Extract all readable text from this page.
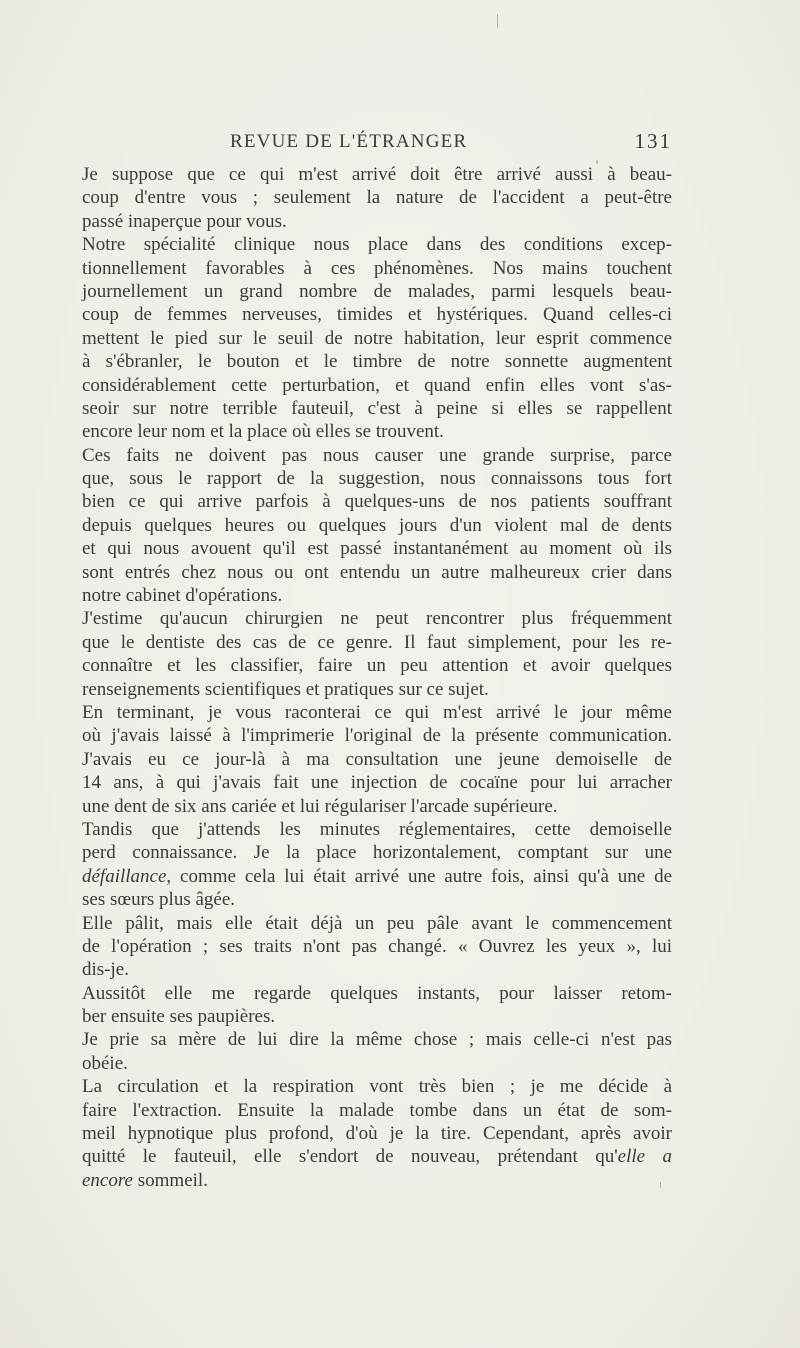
REVUE DE L'ÉTRANGER	131

Je suppose que ce qui m'est arrivé doit être arrivé aussi à beau-
coup d'entre vous ; seulement la nature de l'accident a peut-être
passé inaperçue pour vous.

Notre spécialité clinique nous place dans des conditions excep-
tionnellement favorables à ces phénomènes. Nos mains touchent
journellement un grand nombre de malades, parmi lesquels beau-
coup de femmes nerveuses, timides et hystériques. Quand celles-ci
mettent le pied sur le seuil de notre habitation, leur esprit commence
à s'ébranler, le bouton et le timbre de notre sonnette augmentent
considérablement cette perturbation, et quand enfin elles vont s'as-
seoir sur notre terrible fauteuil, c'est à peine si elles se rappellent
encore leur nom et la place où elles se trouvent.

Ces faits ne doivent pas nous causer une grande surprise, parce
que, sous le rapport de la suggestion, nous connaissons tous fort
bien ce qui arrive parfois à quelques-uns de nos patients souffrant
depuis quelques heures ou quelques jours d'un violent mal de dents
et qui nous avouent qu'il est passé instantanément au moment où ils
sont entrés chez nous ou ont entendu un autre malheureux crier dans
notre cabinet d'opérations.

J'estime qu'aucun chirurgien ne peut rencontrer plus fréquemment
que le dentiste des cas de ce genre. Il faut simplement, pour les re-
connaître et les classifier, faire un peu attention et avoir quelques
renseignements scientifiques et pratiques sur ce sujet.

En terminant, je vous raconterai ce qui m'est arrivé le jour même
où j'avais laissé à l'imprimerie l'original de la présente communication.

J'avais eu ce jour-là à ma consultation une jeune demoiselle de
14 ans, à qui j'avais fait une injection de cocaïne pour lui arracher
une dent de six ans cariée et lui régulariser l'arcade supérieure.

Tandis que j'attends les minutes réglementaires, cette demoiselle
perd connaissance. Je la place horizontalement, comptant sur une
défaillance, comme cela lui était arrivé une autre fois, ainsi qu'à une de
ses sœurs plus âgée.

Elle pâlit, mais elle était déjà un peu pâle avant le commencement
de l'opération ; ses traits n'ont pas changé. « Ouvrez les yeux », lui
dis-je.

Aussitôt elle me regarde quelques instants, pour laisser retom-
ber ensuite ses paupières.

Je prie sa mère de lui dire la même chose ; mais celle-ci n'est pas
obéie.

La circulation et la respiration vont très bien ; je me décide à
faire l'extraction. Ensuite la malade tombe dans un état de som-
meil hypnotique plus profond, d'où je la tire. Cependant, après avoir
quitté le fauteuil, elle s'endort de nouveau, prétendant qu'elle a
encore sommeil.
